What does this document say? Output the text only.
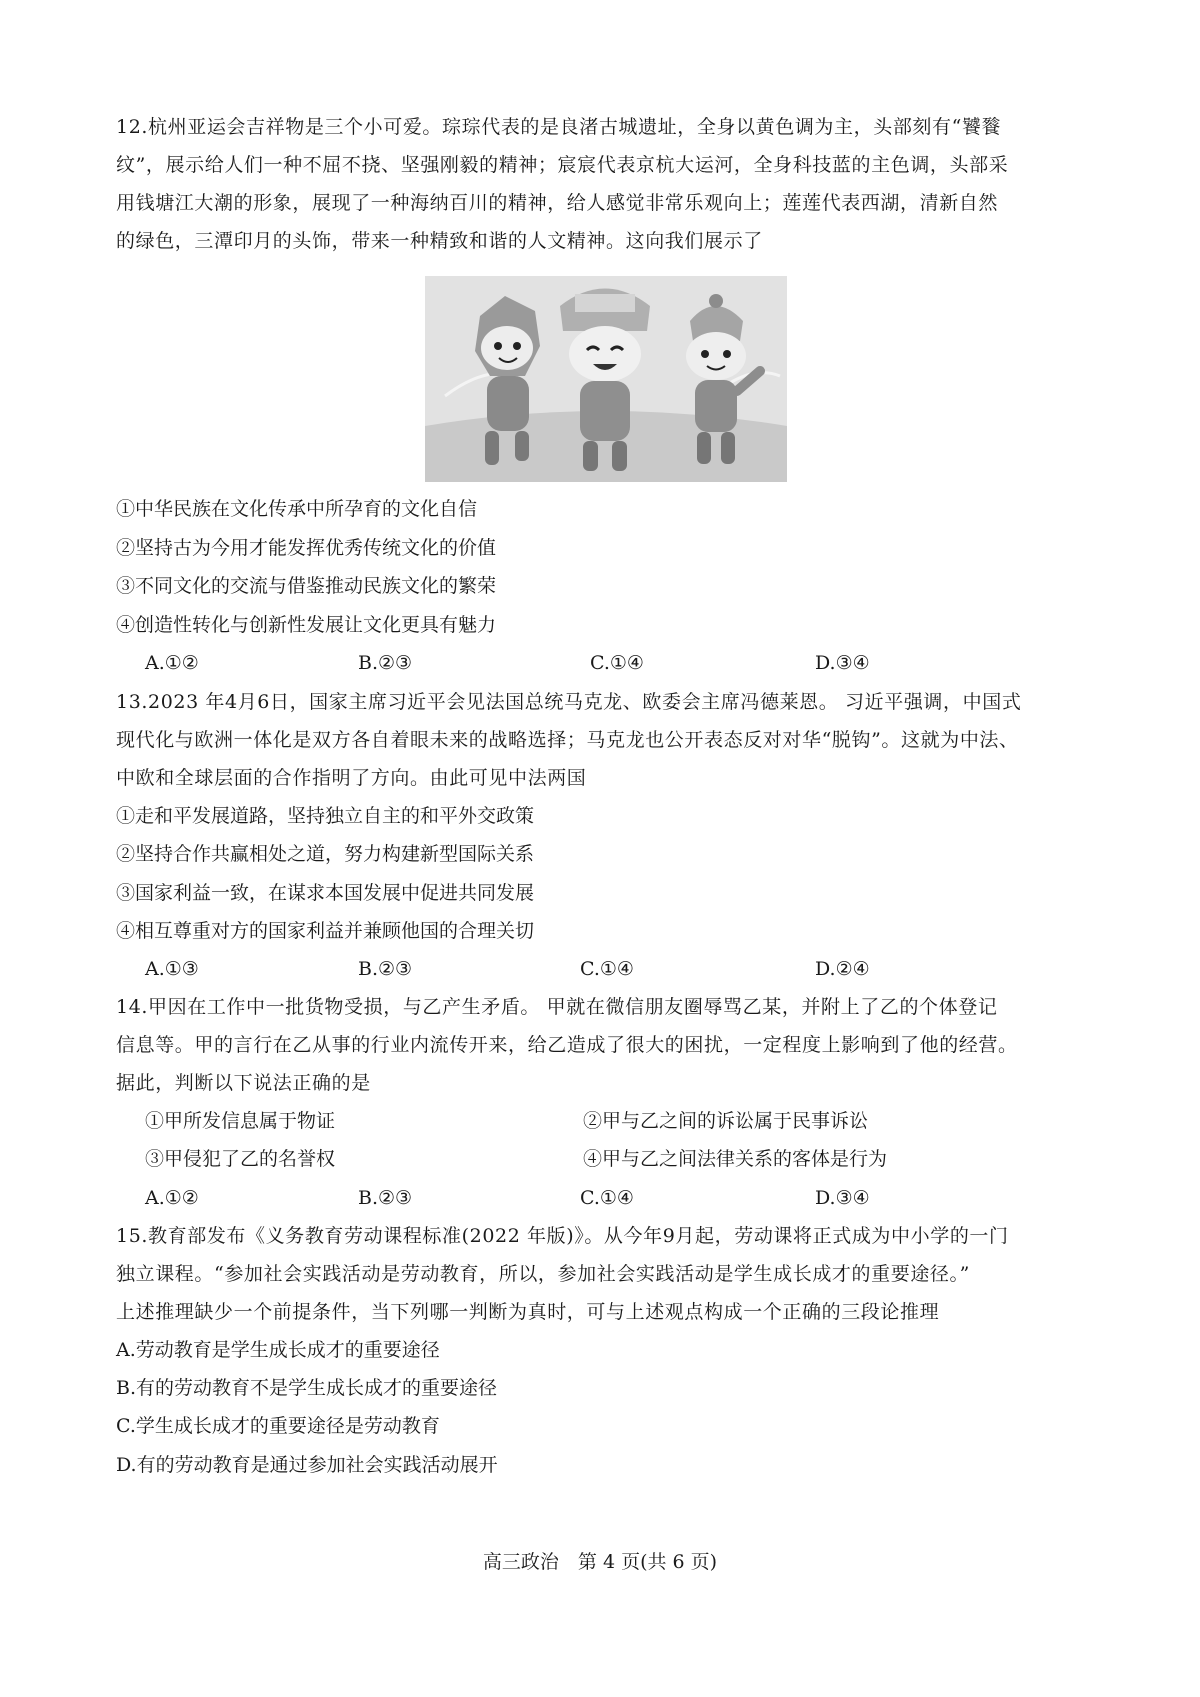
12.杭州亚运会吉祥物是三个小可爱。琮琮代表的是良渚古城遗址，全身以黄色调为主，头部刻有“饕餮
纹”，展示给人们一种不屈不挠、坚强刚毅的精神；宸宸代表京杭大运河，全身科技蓝的主色调，头部采
用钱塘江大潮的形象，展现了一种海纳百川的精神，给人感觉非常乐观向上；莲莲代表西湖，清新自然
的绿色，三潭印月的头饰，带来一种精致和谐的人文精神。这向我们展示了
①中华民族在文化传承中所孕育的文化自信
②坚持古为今用才能发挥优秀传统文化的价值
③不同文化的交流与借鉴推动民族文化的繁荣
④创造性转化与创新性发展让文化更具有魅力
A.①②	B.②③	C.①④	D.③④
13.2023 年4月6日，国家主席习近平会见法国总统马克龙、欧委会主席冯德莱恩。 习近平强调，中国式
现代化与欧洲一体化是双方各自着眼未来的战略选择；马克龙也公开表态反对对华“脱钩”。这就为中法、
中欧和全球层面的合作指明了方向。由此可见中法两国
①走和平发展道路，坚持独立自主的和平外交政策
②坚持合作共赢相处之道，努力构建新型国际关系
③国家利益一致，在谋求本国发展中促进共同发展
④相互尊重对方的国家利益并兼顾他国的合理关切
A.①③	B.②③	C.①④	D.②④
14.甲因在工作中一批货物受损，与乙产生矛盾。 甲就在微信朋友圈辱骂乙某，并附上了乙的个体登记
信息等。甲的言行在乙从事的行业内流传开来，给乙造成了很大的困扰，一定程度上影响到了他的经营。
据此，判断以下说法正确的是
①甲所发信息属于物证	②甲与乙之间的诉讼属于民事诉讼
③甲侵犯了乙的名誉权	④甲与乙之间法律关系的客体是行为
A.①②	B.②③	C.①④	D.③④
15.教育部发布《义务教育劳动课程标准(2022 年版)》。从今年9月起，劳动课将正式成为中小学的一门
独立课程。“参加社会实践活动是劳动教育，所以，参加社会实践活动是学生成长成才的重要途径。”
上述推理缺少一个前提条件，当下列哪一判断为真时，可与上述观点构成一个正确的三段论推理
A.劳动教育是学生成长成才的重要途径
B.有的劳动教育不是学生成长成才的重要途径
C.学生成长成才的重要途径是劳动教育
D.有的劳动教育是通过参加社会实践活动展开
高三政治　第 4 页(共 6 页)
